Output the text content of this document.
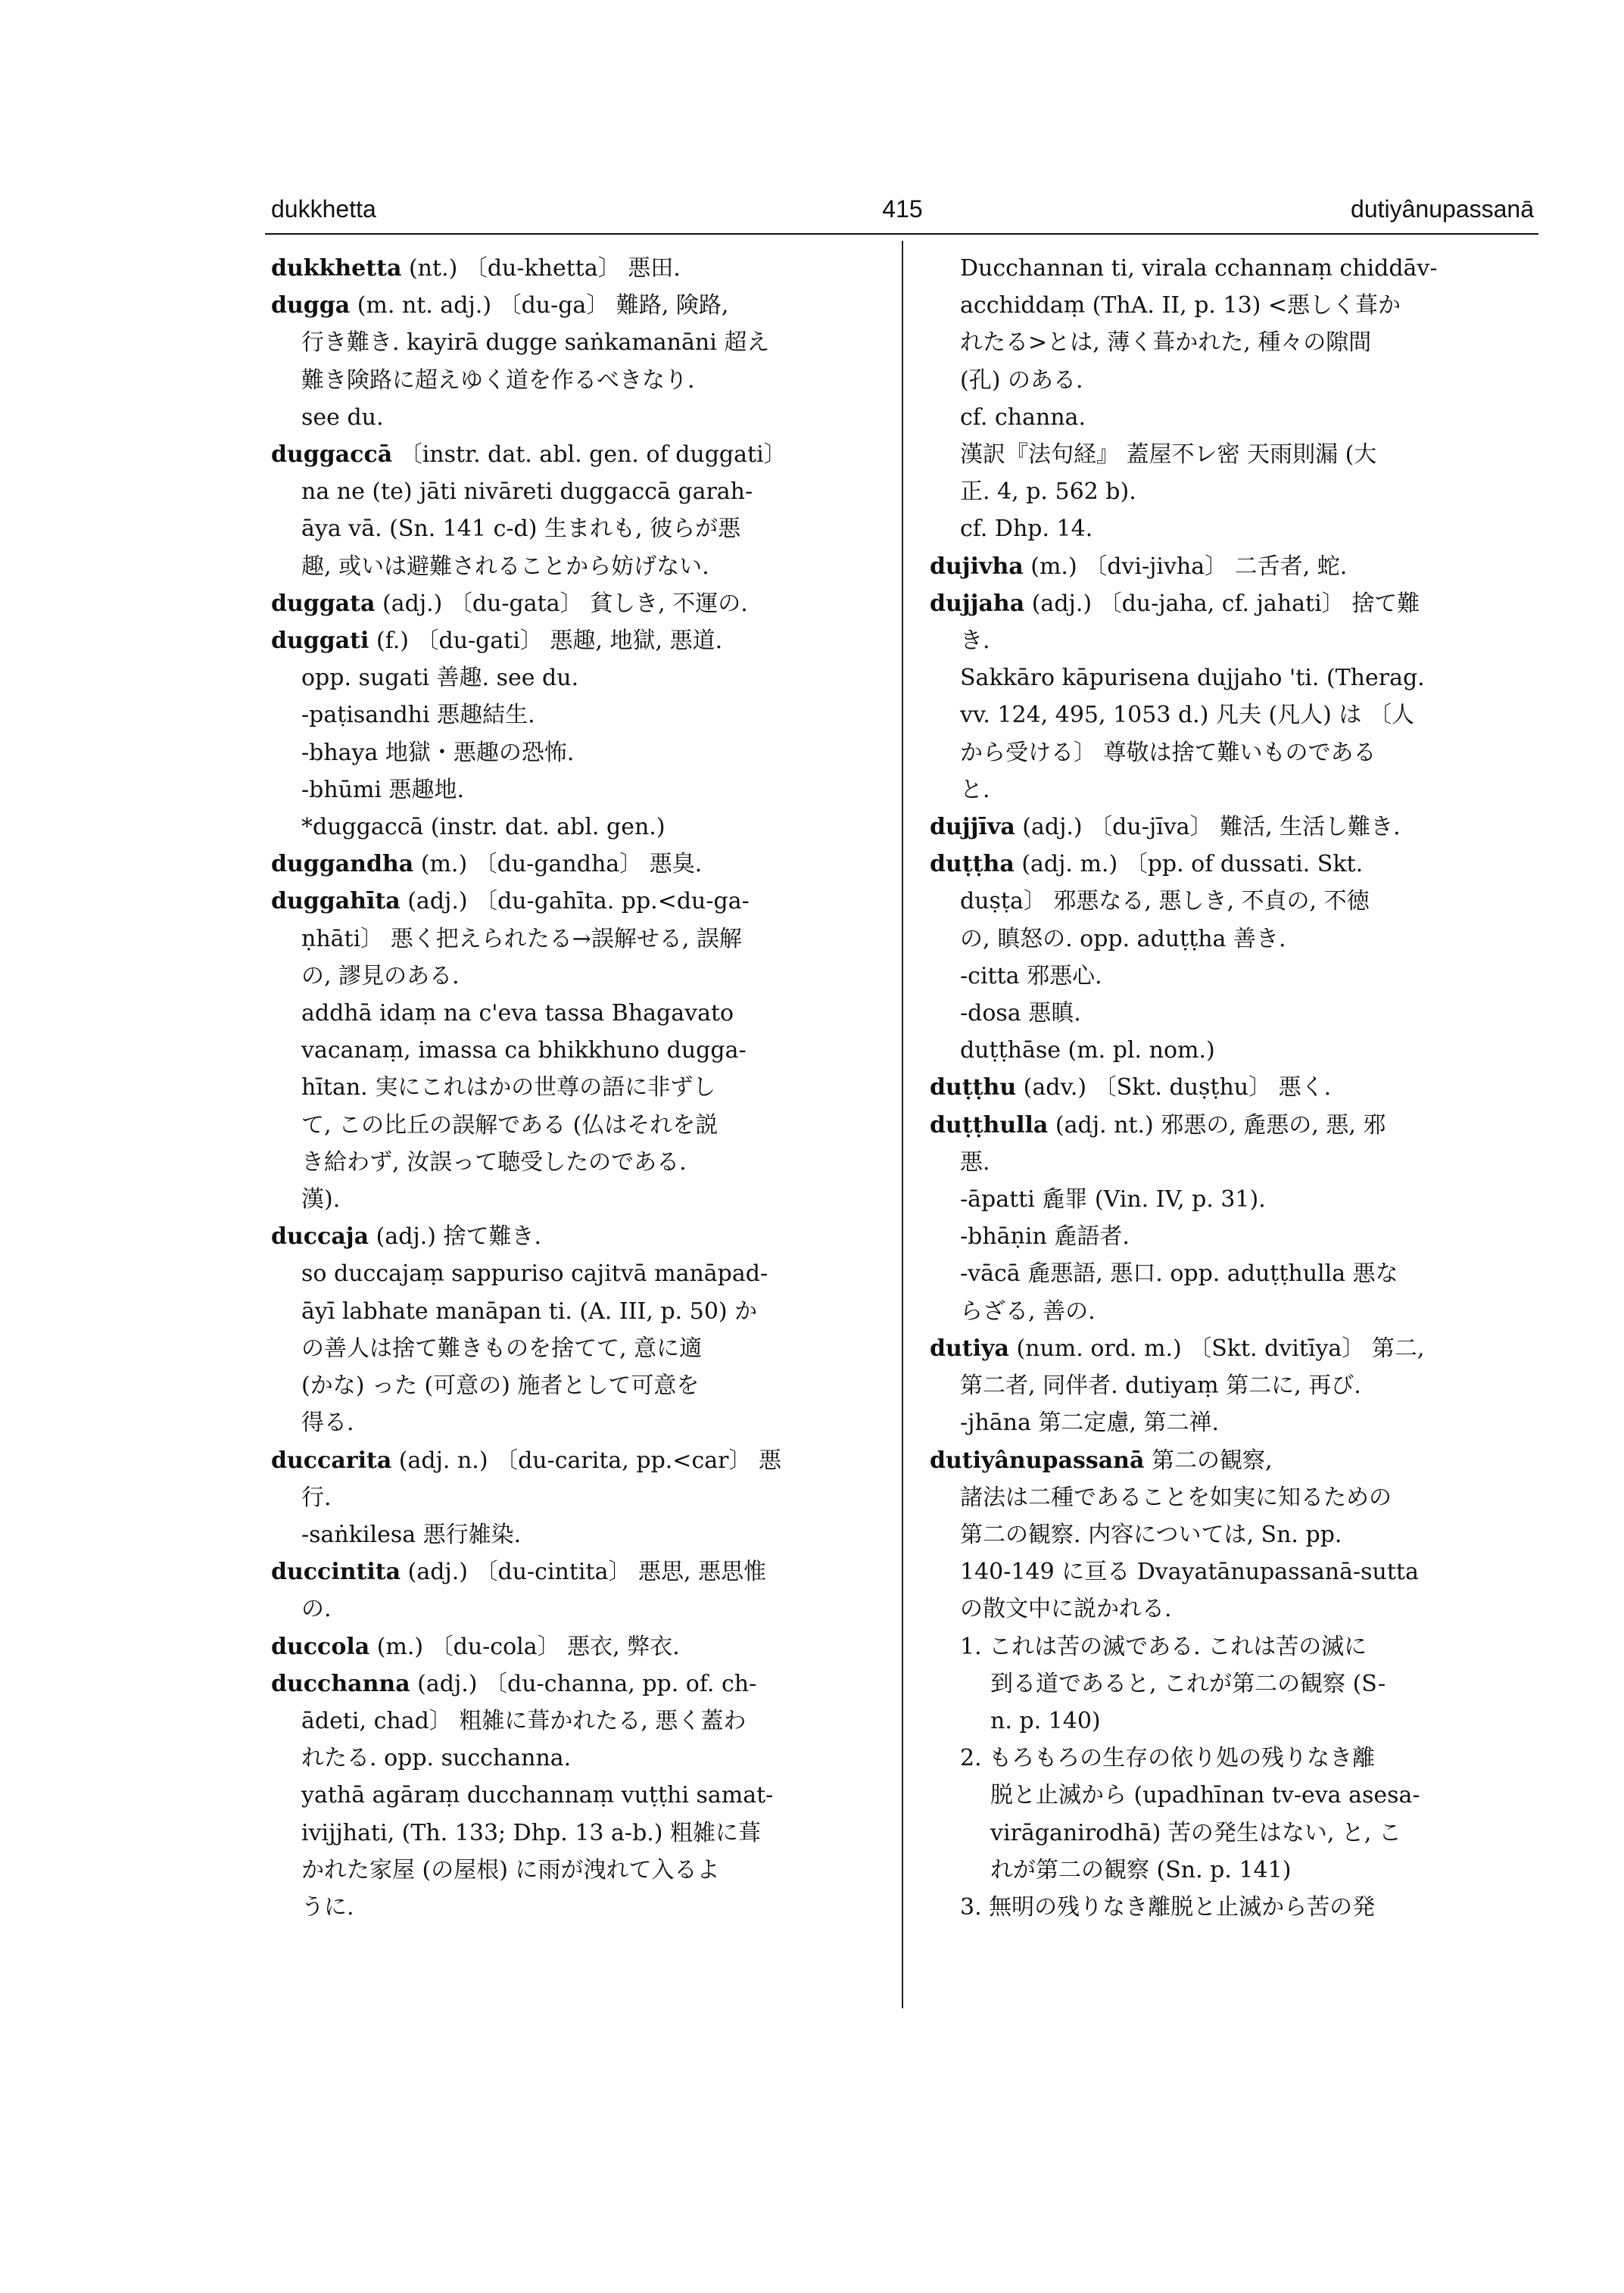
415
dukkhetta	dutiyânupassanā
dukkhetta (nt.) 〔du-khetta〕 悪田.
dugga (m. nt. adj.) 〔du-ga〕 難路, 険路,
行き難き. kayirā dugge saṅkamanāni 超え
難き険路に超えゆく道を作るべきなり.
see du.
duggaccā 〔instr. dat. abl. gen. of duggati〕
na ne (te) jāti nivāreti duggaccā garah-
āya vā. (Sn. 141 c-d) 生まれも, 彼らが悪
趣, 或いは避難されることから妨げない.
duggata (adj.) 〔du-gata〕 貧しき, 不運の.
duggati (f.) 〔du-gati〕 悪趣, 地獄, 悪道.
opp. sugati 善趣. see du.
-paṭisandhi 悪趣結生.
-bhaya 地獄・悪趣の恐怖.
-bhūmi 悪趣地.
*duggaccā (instr. dat. abl. gen.)
duggandha (m.) 〔du-gandha〕 悪臭.
duggahīta (adj.) 〔du-gahīta. pp.<du-ga-
ṇhāti〕 悪く把えられたる→誤解せる, 誤解
の, 謬見のある.
addhā idaṃ na c'eva tassa Bhagavato
vacanaṃ, imassa ca bhikkhuno dugga-
hītan. 実にこれはかの世尊の語に非ずし
て, この比丘の誤解である (仏はそれを説
き給わず, 汝誤って聴受したのである.
漢).
duccaja (adj.) 捨て難き.
so duccajaṃ sappuriso cajitvā manāpad-
āyī labhate manāpan ti. (A. III, p. 50) か
の善人は捨て難きものを捨てて, 意に適
(かな) った (可意の) 施者として可意を
得る.
duccarita (adj. n.) 〔du-carita, pp.<car〕 悪
行.
-saṅkilesa 悪行雑染.
duccintita (adj.) 〔du-cintita〕 悪思, 悪思惟
の.
duccola (m.) 〔du-cola〕 悪衣, 弊衣.
ducchanna (adj.) 〔du-channa, pp. of. ch-
ādeti, chad〕 粗雑に葺かれたる, 悪く蓋わ
れたる. opp. succhanna.
yathā agāraṃ ducchannaṃ vuṭṭhi samat-
ivijjhati, (Th. 133; Dhp. 13 a-b.) 粗雑に葺
かれた家屋 (の屋根) に雨が洩れて入るよ
うに.
Ducchannan ti, virala cchannaṃ chiddāv-
acchiddaṃ (ThA. II, p. 13) <悪しく葺か
れたる>とは, 薄く葺かれた, 種々の隙間
(孔) のある.
cf. channa.
漢訳『法句経』 蓋屋不レ密 天雨則漏 (大
正. 4, p. 562 b).
cf. Dhp. 14.
dujivha (m.) 〔dvi-jivha〕 二舌者, 蛇.
dujjaha (adj.) 〔du-jaha, cf. jahati〕 捨て難
き.
Sakkāro kāpurisena dujjaho 'ti. (Therag.
vv. 124, 495, 1053 d.) 凡夫 (凡人) は 〔人
から受ける〕 尊敬は捨て難いものである
と.
dujjīva (adj.) 〔du-jīva〕 難活, 生活し難き.
duṭṭha (adj. m.) 〔pp. of dussati. Skt.
duṣṭa〕 邪悪なる, 悪しき, 不貞の, 不徳
の, 瞋怒の. opp. aduṭṭha 善き.
-citta 邪悪心.
-dosa 悪瞋.
duṭṭhāse (m. pl. nom.)
duṭṭhu (adv.) 〔Skt. duṣṭhu〕 悪く.
duṭṭhulla (adj. nt.) 邪悪の, 麁悪の, 悪, 邪
悪.
-āpatti 麁罪 (Vin. IV, p. 31).
-bhāṇin 麁語者.
-vācā 麁悪語, 悪口. opp. aduṭṭhulla 悪な
らざる, 善の.
dutiya (num. ord. m.) 〔Skt. dvitīya〕 第二,
第二者, 同伴者. dutiyaṃ 第二に, 再び.
-jhāna 第二定慮, 第二禅.
dutiyânupassanā 第二の観察,
諸法は二種であることを如実に知るための
第二の観察. 内容については, Sn. pp.
140-149 に亘る Dvayatānupassanā-sutta
の散文中に説かれる.
1. これは苦の滅である. これは苦の滅に
到る道であると, これが第二の観察 (S-
n. p. 140)
2. もろもろの生存の依り処の残りなき離
脱と止滅から (upadhīnan tv-eva asesa-
virāganirodhā) 苦の発生はない, と, こ
れが第二の観察 (Sn. p. 141)
3. 無明の残りなき離脱と止滅から苦の発
